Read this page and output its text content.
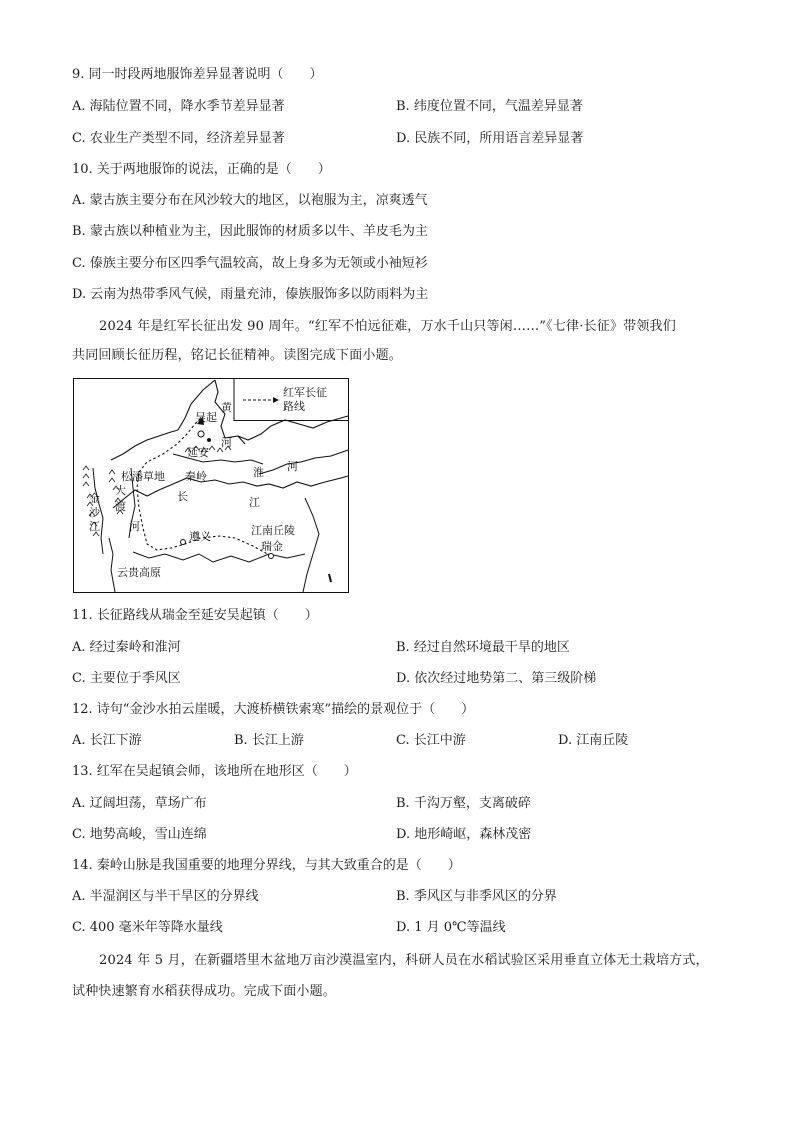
9. 同一时段两地服饰差异显著说明（　　）
A. 海陆位置不同，降水季节差异显著	B. 纬度位置不同，气温差异显著
C. 农业生产类型不同，经济差异显著	D. 民族不同，所用语言差异显著
10. 关于两地服饰的说法，正确的是（　　）
A. 蒙古族主要分布在风沙较大的地区，以袍服为主，凉爽透气
B. 蒙古族以种植业为主，因此服饰的材质多以牛、羊皮毛为主
C. 傣族主要分布区四季气温较高，故上身多为无领或小袖短衫
D. 云南为热带季风气候，雨量充沛，傣族服饰多以防雨料为主
2024 年是红军长征出发 90 周年。“红军不怕远征难，万水千山只等闲……”《七律·长征》带领我们
共同回顾长征历程，铭记长征精神。读图完成下面小题。
红军长征
路线
吴起
黄
河
延安
松潘草地 秦岭	淮 河
长	江
金
沙
江
大
渡
河
遵义	江南丘陵
瑞金
云贵高原
11. 长征路线从瑞金至延安吴起镇（　　）
A. 经过秦岭和淮河	B. 经过自然环境最干旱的地区
C. 主要位于季风区	D. 依次经过地势第二、第三级阶梯
12. 诗句“金沙水拍云崖暖，大渡桥横铁索寒”描绘的景观位于（　　）
A. 长江下游	B. 长江上游	C. 长江中游	D. 江南丘陵
13. 红军在吴起镇会师，该地所在地形区（　　）
A. 辽阔坦荡，草场广布	B. 千沟万壑，支离破碎
C. 地势高峻，雪山连绵	D. 地形崎岖，森林茂密
14. 秦岭山脉是我国重要的地理分界线，与其大致重合的是（　　）
A. 半湿润区与半干旱区的分界线	B. 季风区与非季风区的分界
C. 400 毫米年等降水量线	D. 1 月 0℃等温线
2024 年 5 月，在新疆塔里木盆地万亩沙漠温室内，科研人员在水稻试验区采用垂直立体无土栽培方式，
试种快速繁育水稻获得成功。完成下面小题。
